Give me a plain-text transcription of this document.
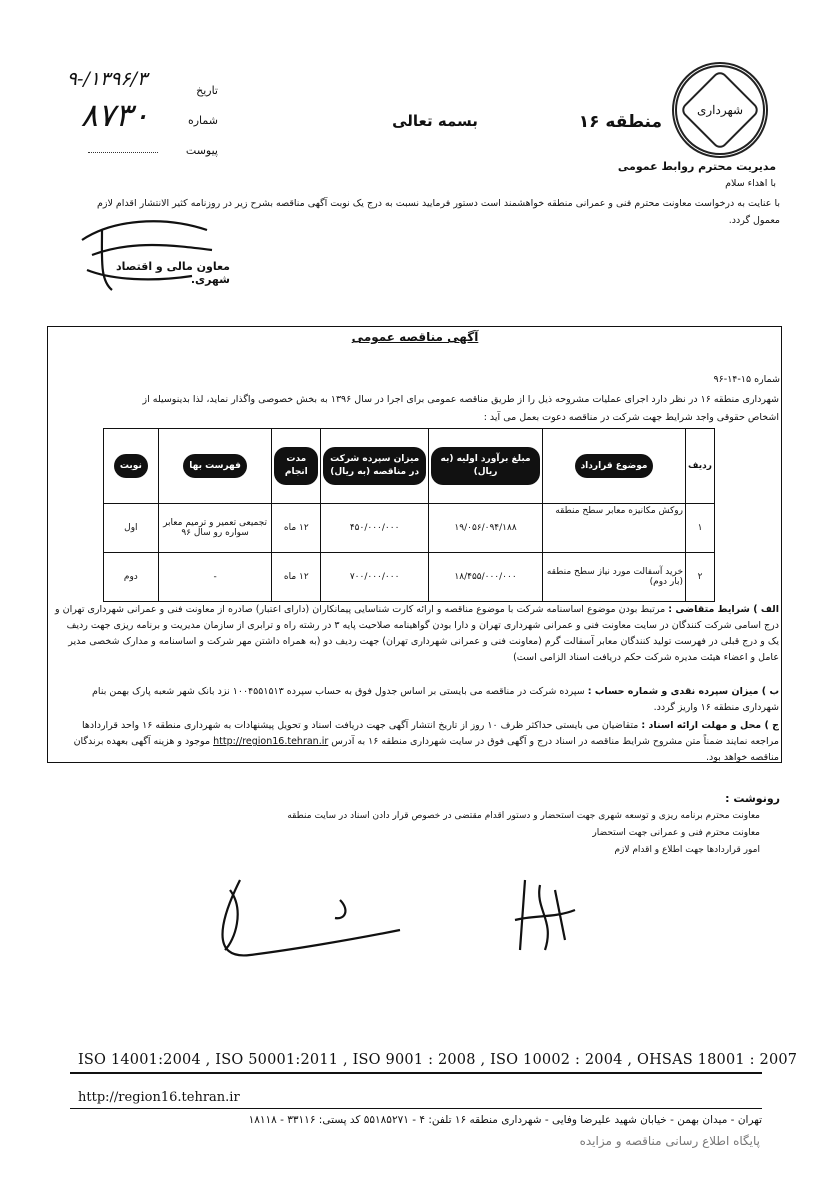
شهرداری
منطقه ۱۶
بسمه تعالی
تاریخ
۱۳۹۶/۳/-۹
شماره
۸۷۳۰
پیوست
مدیریت محترم روابط عمومی
با اهداء سلام
با عنایت به درخواست معاونت محترم فنی و عمرانی منطقه خواهشمند است دستور فرمایید نسبت به درج یک نوبت آگهی مناقصه بشرح زیر در روزنامه کثیر الانتشار اقدام لازم معمول گردد.
معاون مالی و اقتصاد شهری.
آگهی مناقصه عمومی
شماره ۱۵-۱۴-۹۶
شهرداری منطقه ۱۶ در نظر دارد اجرای عملیات مشروحه ذیل را از طریق مناقصه عمومی برای اجرا در سال ۱۳۹۶ به بخش خصوصی واگذار نماید، لذا بدینوسیله از
اشخاص حقوقی واجد شرایط جهت شرکت در مناقصه دعوت بعمل می آید :
ردیف	موضوع قرارداد	مبلغ برآورد اولیه (به ریال)	میزان سپرده شرکت در مناقصه (به ریال)	مدت انجام	فهرست بها	نوبت
۱	روکش مکانیزه معابر سطح منطقه	۱۹/۰۵۶/۰۹۴/۱۸۸	۴۵۰/۰۰۰/۰۰۰	۱۲ ماه	تجمیعی تعمیر و ترمیم معابر سواره رو سال ۹۶	اول
۲	خرید آسفالت مورد نیاز سطح منطقه (بار دوم)	۱۸/۴۵۵/۰۰۰/۰۰۰	۷۰۰/۰۰۰/۰۰۰	۱۲ ماه	-	دوم
الف ) شرایط متقاضی : مرتبط بودن موضوع اساسنامه شرکت با موضوع مناقصه و ارائه کارت شناسایی پیمانکاران (دارای اعتبار) صادره از معاونت فنی و عمرانی شهرداری تهران و درج اسامی شرکت کنندگان در سایت معاونت فنی و عمرانی شهرداری تهران و دارا بودن گواهینامه صلاحیت پایه ۳ در رشته راه و ترابری از سازمان مدیریت و برنامه ریزی جهت ردیف یک و درج قبلی در فهرست تولید کنندگان معابر آسفالت گرم (معاونت فنی و عمرانی شهرداری تهران) جهت ردیف دو (به همراه داشتن مهر شرکت و اساسنامه و مدارک شخصی مدیر عامل و اعضاء هیئت مدیره شرکت حکم دریافت اسناد الزامی است)
ب ) میزان سپرده نقدی و شماره حساب : سپرده شرکت در مناقصه می بایستی بر اساس جدول فوق به حساب سپرده ۱۰۰۴۵۵۱۵۱۳ نزد بانک شهر شعبه پارک بهمن بنام شهرداری منطقه ۱۶ واریز گردد.
ج ) محل و مهلت ارائه اسناد : متقاضیان می بایستی حداکثر ظرف ۱۰ روز از تاریخ انتشار آگهی جهت دریافت اسناد و تحویل پیشنهادات به شهرداری منطقه ۱۶ واحد قراردادها مراجعه نمایند ضمناً متن مشروح شرایط مناقصه در اسناد درج و آگهی فوق در سایت شهرداری منطقه ۱۶ به آدرس http://region16.tehran.ir موجود و هزینه آگهی بعهده برندگان مناقصه خواهد بود.
رونوشت :
معاونت محترم برنامه ریزی و توسعه شهری جهت استحضار و دستور اقدام مقتضی در خصوص قرار دادن اسناد در سایت منطقه
معاونت محترم فنی و عمرانی جهت استحضار
امور قراردادها جهت اطلاع و اقدام لازم
ISO 14001:2004 , ISO 50001:2011 , ISO 9001 : 2008 , ISO 10002 : 2004 , OHSAS 18001 : 2007
http://region16.tehran.ir
تهران - میدان بهمن - خیابان شهید علیرضا وفایی - شهرداری منطقه ۱۶ تلفن: ۴ - ۵۵۱۸۵۲۷۱ کد پستی: ۳۳۱۱۶ - ۱۸۱۱۸
پایگاه اطلاع رسانی مناقصه و مزایده
